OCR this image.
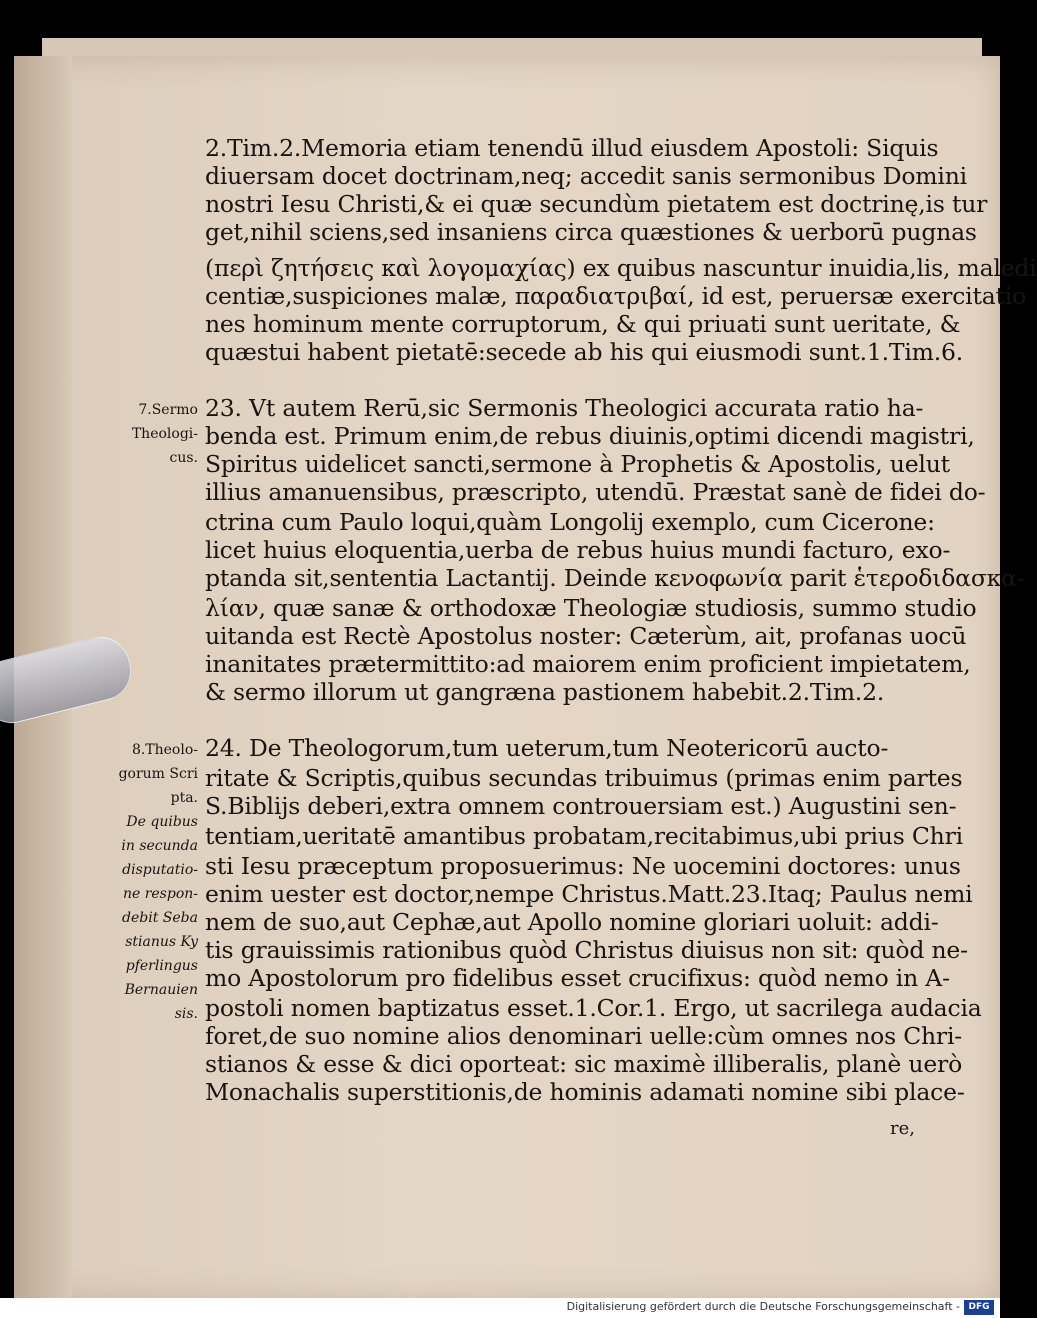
2.Tim.2.Memoria etiam tenendū illud eiusdem Apostoli: Siquis
diuersam docet doctrinam,neq; accedit sanis sermonibus Domini
nostri Iesu Christi,& ei quæ secundùm pietatem est doctrinę,is tur
get,nihil sciens,sed insaniens circa quæstiones & uerborū pugnas
(περὶ ζητήσεις καὶ λογομαχίας) ex quibus nascuntur inuidia,lis, maledi
centiæ,suspiciones malæ, παραδιατριβαί, id est, peruersæ exercitatio
nes hominum mente corruptorum, & qui priuati sunt ueritate, &
quæstui habent pietatē:secede ab his qui eiusmodi sunt.1.Tim.6.
23. Vt autem Rerū,sic Sermonis Theologici accurata ratio ha-
benda est. Primum enim,de rebus diuinis,optimi dicendi magistri,
Spiritus uidelicet sancti,sermone à Prophetis & Apostolis, uelut
illius amanuensibus, præscripto, utendū. Præstat sanè de fidei do-
ctrina cum Paulo loqui,quàm Longolij exemplo, cum Cicerone:
licet huius eloquentia,uerba de rebus huius mundi facturo, exo-
ptanda sit,sententia Lactantij. Deinde κενοφωνία parit ἑτεροδιδασκα-
λίαν, quæ sanæ & orthodoxæ Theologiæ studiosis, summo studio
uitanda est Rectè Apostolus noster: Cæterùm, ait, profanas uocū
inanitates prætermittito:ad maiorem enim proficient impietatem,
& sermo illorum ut gangræna pastionem habebit.2.Tim.2.
24. De Theologorum,tum ueterum,tum Neotericorū aucto-
ritate & Scriptis,quibus secundas tribuimus (primas enim partes
S.Biblijs deberi,extra omnem controuersiam est.) Augustini sen-
tentiam,ueritatē amantibus probatam,recitabimus,ubi prius Chri
sti Iesu præceptum proposuerimus: Ne uocemini doctores: unus
enim uester est doctor,nempe Christus.Matt.23.Itaq; Paulus nemi
nem de suo,aut Cephæ,aut Apollo nomine gloriari uoluit: addi-
tis grauissimis rationibus quòd Christus diuisus non sit: quòd ne-
mo Apostolorum pro fidelibus esset crucifixus: quòd nemo in A-
postoli nomen baptizatus esset.1.Cor.1. Ergo, ut sacrilega audacia
foret,de suo nomine alios denominari uelle:cùm omnes nos Chri-
stianos & esse & dici oporteat: sic maximè illiberalis, planè uerò
Monachalis superstitionis,de hominis adamati nomine sibi place-
re,
7.Sermo
Theologi-
cus.
8.Theolo-
gorum Scri
pta.
De quibus
in secunda
disputatio-
ne respon-
debit Seba
stianus Ky
pferlingus
Bernauien
sis.
Digitalisierung gefördert durch die Deutsche Forschungsgemeinschaft - DFG
